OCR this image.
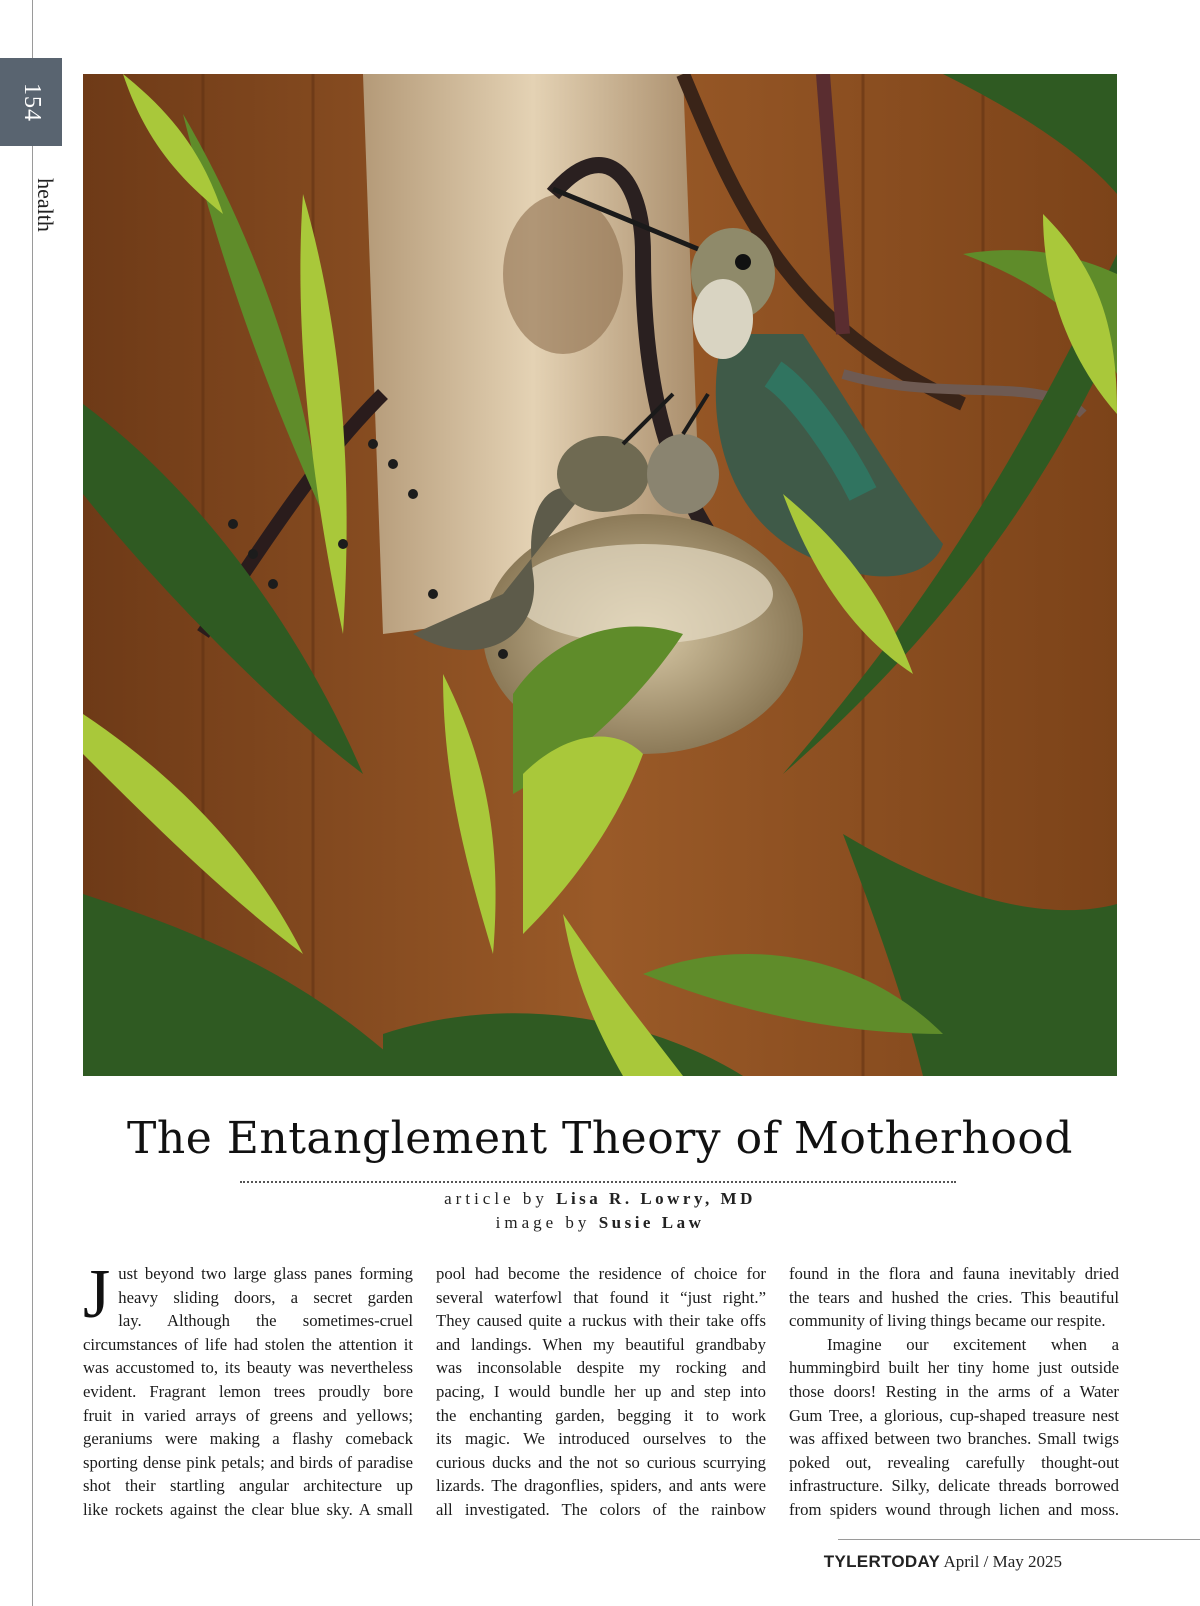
154
health
The Entanglement Theory of Motherhood
article by Lisa R. Lowry, MD
image by Susie Law
J ust beyond two large glass panes forming
heavy sliding doors, a secret garden
lay. Although the sometimes-cruel
circumstances of life had stolen the attention it
was accustomed to, its beauty was nevertheless
evident. Fragrant lemon trees proudly bore
fruit in varied arrays of greens and yellows;
geraniums were making a flashy comeback
sporting dense pink petals; and birds of paradise
shot their startling angular architecture up
like rockets against the clear blue sky. A small
pool had become the residence of choice for
several waterfowl that found it “just right.”
They caused quite a ruckus with their take offs
and landings. When my beautiful grandbaby
was inconsolable despite my rocking and
pacing, I would bundle her up and step into
the enchanting garden, begging it to work
its magic. We introduced ourselves to the
curious ducks and the not so curious scurrying
lizards. The dragonflies, spiders, and ants were
all investigated. The colors of the rainbow
found in the flora and fauna inevitably dried
the tears and hushed the cries. This beautiful
community of living things became our respite.
Imagine our excitement when a
hummingbird built her tiny home just outside
those doors! Resting in the arms of a Water
Gum Tree, a glorious, cup-shaped treasure nest
was affixed between two branches. Small twigs
poked out, revealing carefully thought-out
infrastructure. Silky, delicate threads borrowed
from spiders wound through lichen and moss.
TYLERTODAY April / May 2025
